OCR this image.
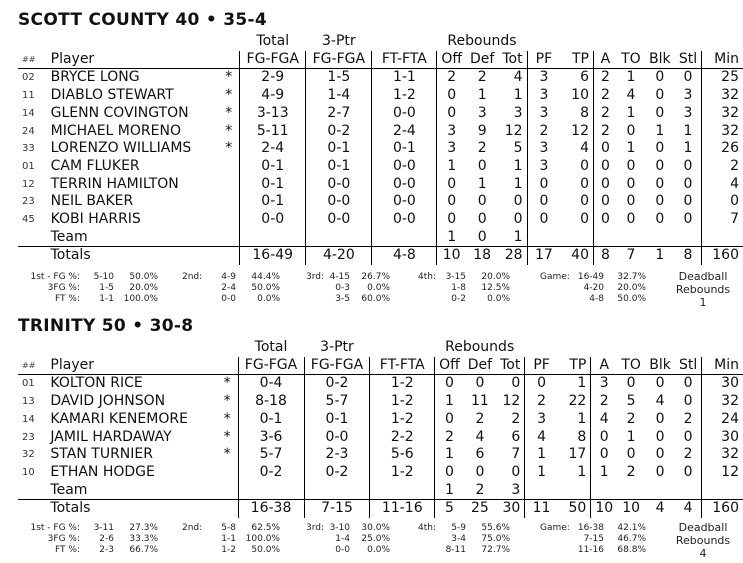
SCOTT COUNTY 40 • 35-4
			Total	3-Ptr		Rebounds									
##	Player		FG-FGA	FG-FGA	FT-FTA	Off	Def	Tot	PF	TP	A	TO	Blk	Stl	Min
02	BRYCE LONG	*	2-9	1-5	1-1	2	2	4	3	6	2	1	0	0	25
11	DIABLO STEWART	*	4-9	1-4	1-2	0	1	1	3	10	2	4	0	3	32
14	GLENN COVINGTON	*	3-13	2-7	0-0	0	3	3	3	8	2	1	0	3	32
24	MICHAEL MORENO	*	5-11	0-2	2-4	3	9	12	2	12	2	0	1	1	32
33	LORENZO WILLIAMS	*	2-4	0-1	0-1	3	2	5	3	4	0	1	0	1	26
01	CAM FLUKER		0-1	0-1	0-0	1	0	1	3	0	0	0	0	0	2
12	TERRIN HAMILTON		0-1	0-0	0-0	0	1	1	0	0	0	0	0	0	4
23	NEIL BAKER		0-1	0-0	0-0	0	0	0	0	0	0	0	0	0	0
45	KOBI HARRIS		0-0	0-0	0-0	0	0	0	0	0	0	0	0	0	7
	Team					1	0	1							
	Totals		16-49	4-20	4-8	10	18	28	17	40	8	7	1	8	160
1st - FG %:	5-10	50.0%	4-9	44.4%	4-15	26.7%	3-15	20.0%	16-49	32.7%
3FG %:	1-5	20.0%	2-4	50.0%	0-3	0.0%	1-8	12.5%	4-20	20.0%
FT %:	1-1	100.0%	0-0	0.0%	3-5	60.0%	0-2	0.0%	4-8	50.0%
2nd:	3rd:	4th:	Game:	Deadball
Rebounds
1
TRINITY 50 • 30-8
			Total	3-Ptr		Rebounds									
##	Player		FG-FGA	FG-FGA	FT-FTA	Off	Def	Tot	PF	TP	A	TO	Blk	Stl	Min
01	KOLTON RICE	*	0-4	0-2	1-2	0	0	0	0	1	3	0	0	0	30
13	DAVID JOHNSON	*	8-18	5-7	1-2	1	11	12	2	22	2	5	4	0	32
14	KAMARI KENEMORE	*	0-1	0-1	1-2	0	2	2	3	1	4	2	0	2	24
23	JAMIL HARDAWAY	*	3-6	0-0	2-2	2	4	6	4	8	0	1	0	0	30
32	STAN TURNIER	*	5-7	2-3	5-6	1	6	7	1	17	0	0	0	2	32
10	ETHAN HODGE		0-2	0-2	1-2	0	0	0	1	1	1	2	0	0	12
	Team					1	2	3							
	Totals		16-38	7-15	11-16	5	25	30	11	50	10	10	4	4	160
1st - FG %:	3-11	27.3%	5-8	62.5%	3-10	30.0%	5-9	55.6%	16-38	42.1%
3FG %:	2-6	33.3%	1-1	100.0%	1-4	25.0%	3-4	75.0%	7-15	46.7%
FT %:	2-3	66.7%	1-2	50.0%	0-0	0.0%	8-11	72.7%	11-16	68.8%
2nd:	3rd:	4th:	Game:	Deadball
Rebounds
4
